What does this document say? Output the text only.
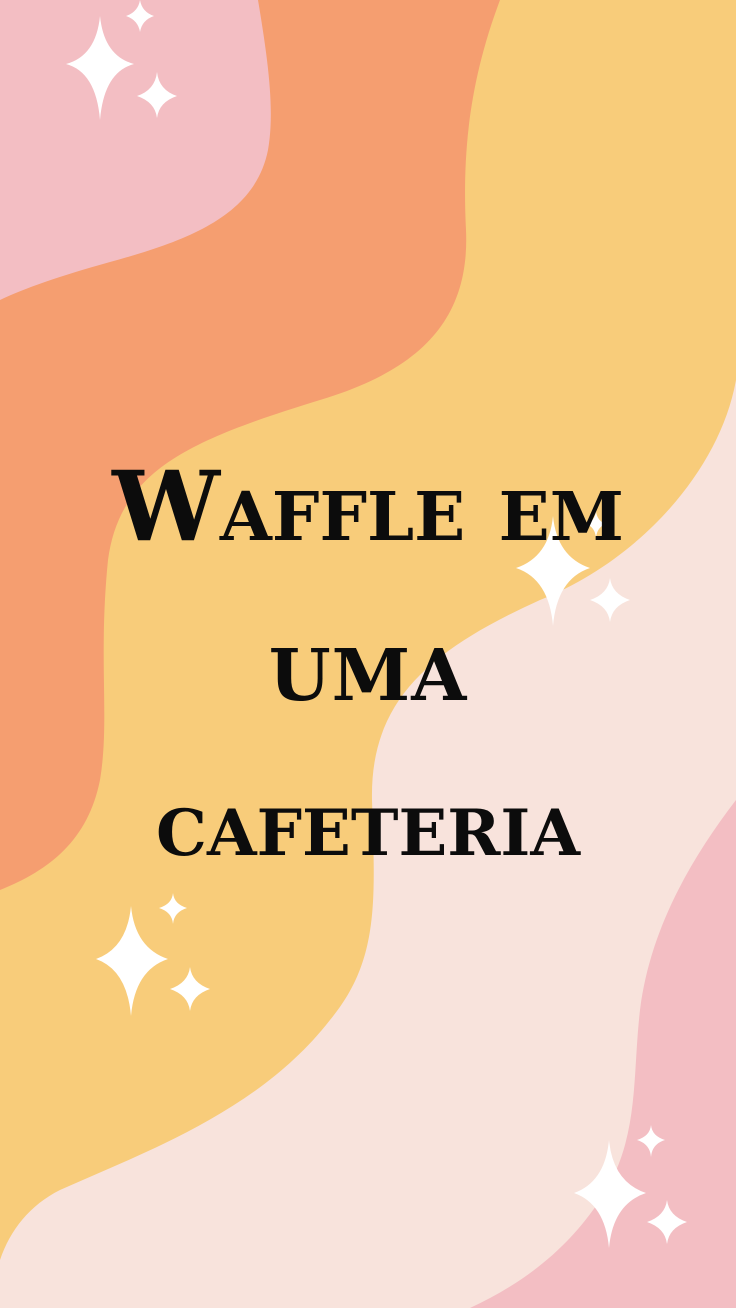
Waffle em
uma
cafeteria
